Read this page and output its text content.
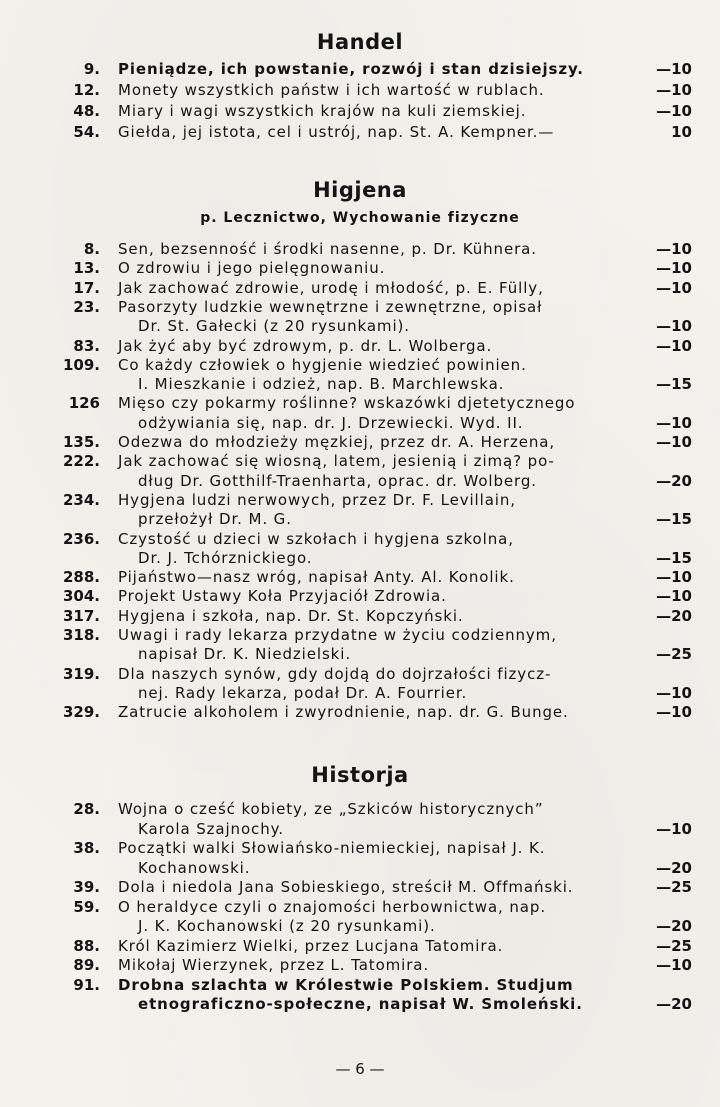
Handel
9. Pieniądze, ich powstanie, rozwój i stan dzisiejszy.	—10
12. Monety wszystkich państw i ich wartość w rublach.	—10
48. Miary i wagi wszystkich krajów na kuli ziemskiej.	—10
54. Giełda, jej istota, cel i ustrój, nap. St. A. Kempner.—	10
Higjena
p. Lecznictwo, Wychowanie fizyczne
8. Sen, bezsenność i środki nasenne, p. Dr. Kühnera.	—10
13. O zdrowiu i jego pielęgnowaniu.	—10
17. Jak zachować zdrowie, urodę i młodość, p. E. Fülly,	—10
23. Pasorzyty ludzkie wewnętrzne i zewnętrzne, opisał
Dr. St. Gałecki (z 20 rysunkami).	—10
83. Jak żyć aby być zdrowym, p. dr. L. Wolberga.	—10
109. Co każdy człowiek o hygjenie wiedzieć powinien.
I. Mieszkanie i odzież, nap. B. Marchlewska.	—15
126 Mięso czy pokarmy roślinne? wskazówki djetetycznego
odżywiania się, nap. dr. J. Drzewiecki. Wyd. II.	—10
135. Odezwa do młodzieży męzkiej, przez dr. A. Herzena,	—10
222. Jak zachować się wiosną, latem, jesienią i zimą? po-
dług Dr. Gotthilf-Traenharta, oprac. dr. Wolberg.	—20
234. Hygjena ludzi nerwowych, przez Dr. F. Levillain,
przełożył Dr. M. G.	—15
236. Czystość u dzieci w szkołach i hygjena szkolna,
Dr. J. Tchórznickiego.	—15
288. Pijaństwo—nasz wróg, napisał Anty. Al. Konolik.	—10
304. Projekt Ustawy Koła Przyjaciół Zdrowia.	—10
317. Hygjena i szkoła, nap. Dr. St. Kopczyński.	—20
318. Uwagi i rady lekarza przydatne w życiu codziennym,
napisał Dr. K. Niedzielski.	—25
319. Dla naszych synów, gdy dojdą do dojrzałości fizycz-
nej. Rady lekarza, podał Dr. A. Fourrier.	—10
329. Zatrucie alkoholem i zwyrodnienie, nap. dr. G. Bunge.	—10
Historja
28. Wojna o cześć kobiety, ze „Szkiców historycznych”
Karola Szajnochy.	—10
38. Początki walki Słowiańsko-niemieckiej, napisał J. K.
Kochanowski.	—20
39. Dola i niedola Jana Sobieskiego, streścił M. Offmański.	—25
59. O heraldyce czyli o znajomości herbownictwa, nap.
J. K. Kochanowski (z 20 rysunkami).	—20
88. Król Kazimierz Wielki, przez Lucjana Tatomira.	—25
89. Mikołaj Wierzynek, przez L. Tatomira.	—10
91. Drobna szlachta w Królestwie Polskiem. Studjum
etnograficzno-społeczne, napisał W. Smoleński.	—20
— 6 —
